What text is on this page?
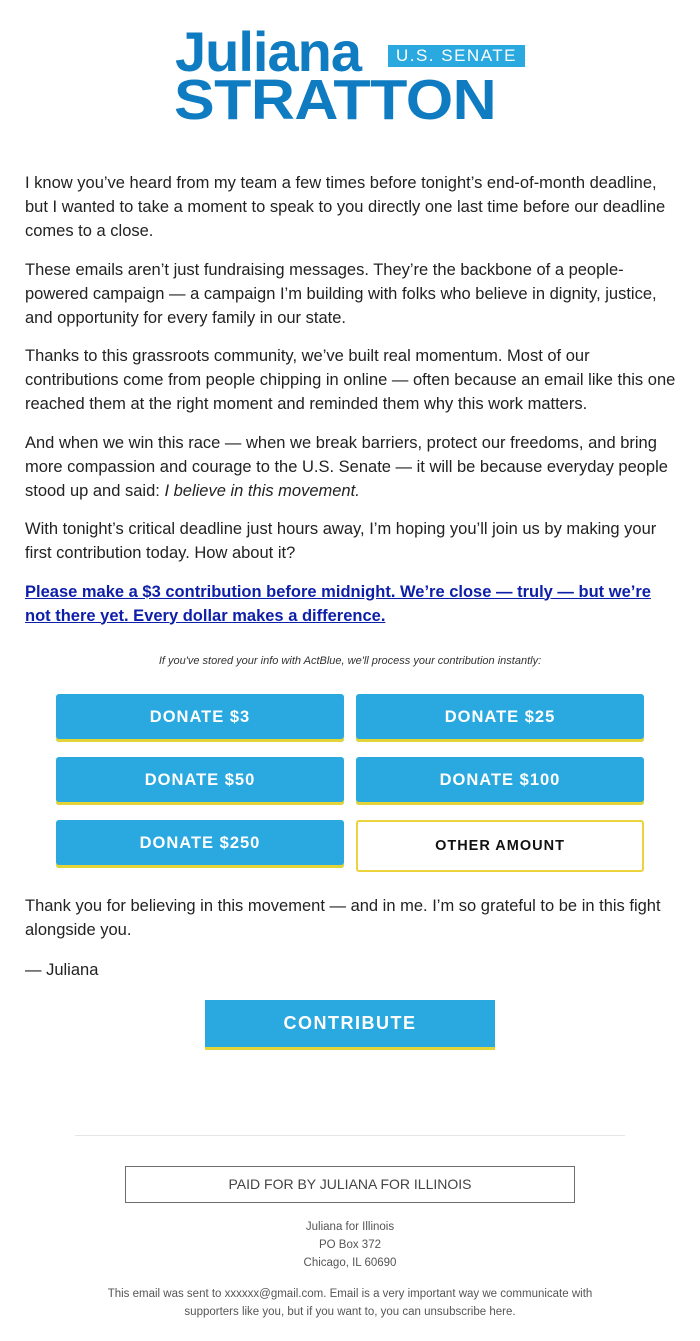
Juliana	U.S. SENATE
STRATTON

I know you’ve heard from my team a few times before tonight’s end-of-month deadline, but I wanted to take a moment to speak to you directly one last time before our deadline comes to a close.

These emails aren’t just fundraising messages. They’re the backbone of a people-powered campaign — a campaign I’m building with folks who believe in dignity, justice, and opportunity for every family in our state.

Thanks to this grassroots community, we’ve built real momentum. Most of our contributions come from people chipping in online — often because an email like this one reached them at the right moment and reminded them why this work matters.

And when we win this race — when we break barriers, protect our freedoms, and bring more compassion and courage to the U.S. Senate — it will be because everyday people stood up and said: I believe in this movement.

With tonight’s critical deadline just hours away, I’m hoping you’ll join us by making your first contribution today. How about it?

Please make a $3 contribution before midnight. We’re close — truly — but we’re not there yet. Every dollar makes a difference.
If you've stored your info with ActBlue, we'll process your contribution instantly:
DONATE $3	DONATE $25
DONATE $50	DONATE $100
DONATE $250	OTHER AMOUNT
Thank you for believing in this movement — and in me. I’m so grateful to be in this fight alongside you.
— Juliana
CONTRIBUTE
PAID FOR BY JULIANA FOR ILLINOIS
Juliana for Illinois
PO Box 372
Chicago, IL 60690
This email was sent to xxxxxx@gmail.com. Email is a very important way we communicate with supporters like you, but if you want to, you can unsubscribe here.
